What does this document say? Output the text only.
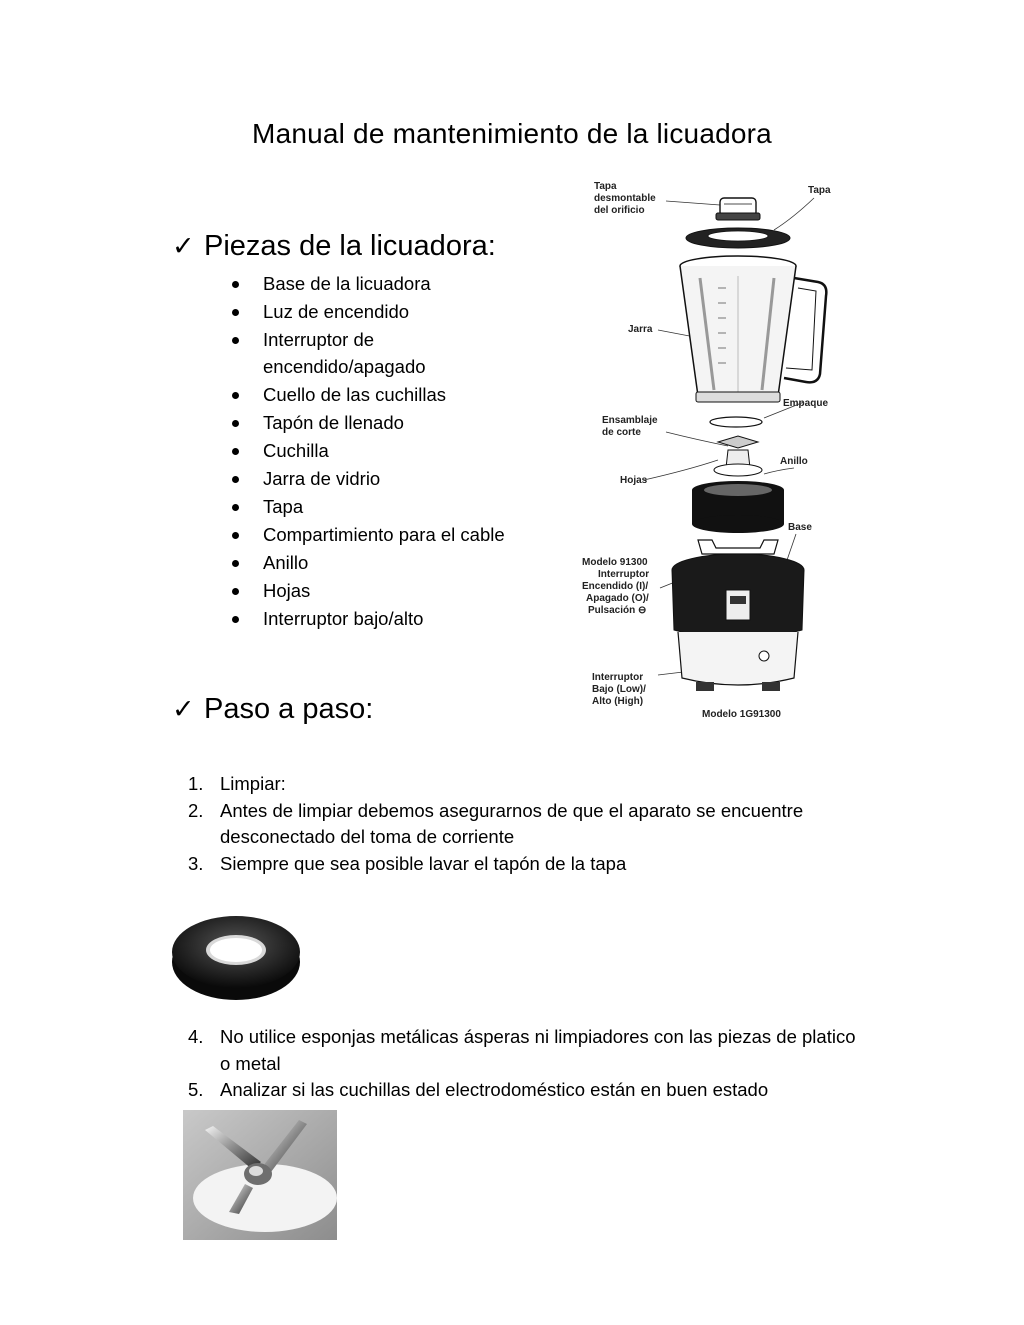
Manual de mantenimiento de la licuadora
✓ Piezas de la licuadora:
Base de la licuadora
Luz de encendido
Interruptor de encendido/apagado
Cuello de las cuchillas
Tapón de llenado
Cuchilla
Jarra de vidrio
Tapa
Compartimiento para el cable
Anillo
Hojas
Interruptor bajo/alto
Tapa
desmontable
del orificio
Tapa
Jarra
Empaque
Ensamblaje
de corte
Anillo
Hojas
Base
Modelo 91300
Interruptor
Encendido (I)/
Apagado (O)/
Pulsación ⊖
Interruptor
Bajo (Low)/
Alto (High)
Modelo 1G91300
✓ Paso a paso:
1. Limpiar:
2. Antes de limpiar debemos asegurarnos de que el aparato se encuentre desconectado del toma de corriente
3. Siempre que sea posible lavar el tapón de la tapa
4. No utilice esponjas metálicas ásperas ni limpiadores con las piezas de platico o metal
5. Analizar si las cuchillas del electrodoméstico están en buen estado
